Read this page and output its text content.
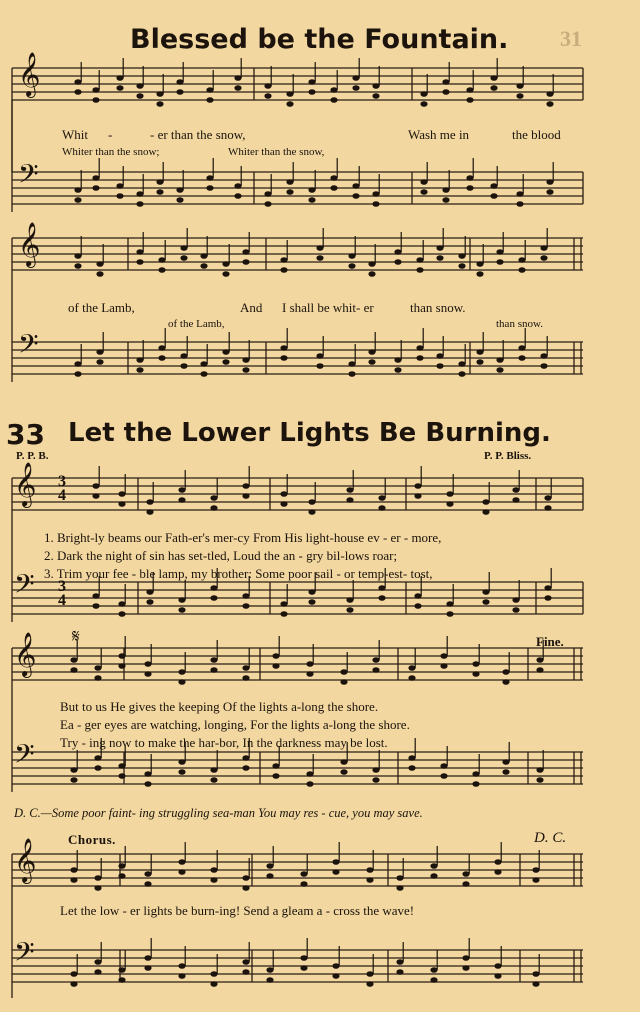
31
Blessed be the Fountain.
𝄞
𝄢
Whit -	- er than the snow,	Wash me in	the blood
Whiter than the snow;	Whiter than the snow,
𝄞
𝄢
of the Lamb,	And I shall be whit- er	than snow.
of the Lamb,	than snow.
33 Let the Lower Lights Be Burning.
P. P. B.	P. P. Bliss.
𝄞
𝄢
3
4
3
4
1. Bright-ly beams our Fath-er's mer-cy From His light-house ev - er - more,
2. Dark the night of sin has set-tled, Loud the an - gry bil-lows roar;
3. Trim your fee - ble lamp, my brother: Some poor sail - or temp-est- tost,
𝄞
𝄢
𝄋	Fine.
But to us He gives the keeping Of the lights a-long the shore.
Ea - ger eyes are watching, longing, For the lights a-long the shore.
Try - ing now to make the har-bor, In the darkness may be lost.
D. C.—Some poor faint- ing struggling sea-man You may res - cue, you may save.
𝄞
𝄢
Chorus.	D. C.
Let the low - er lights be burn-ing! Send a gleam a - cross the wave!
